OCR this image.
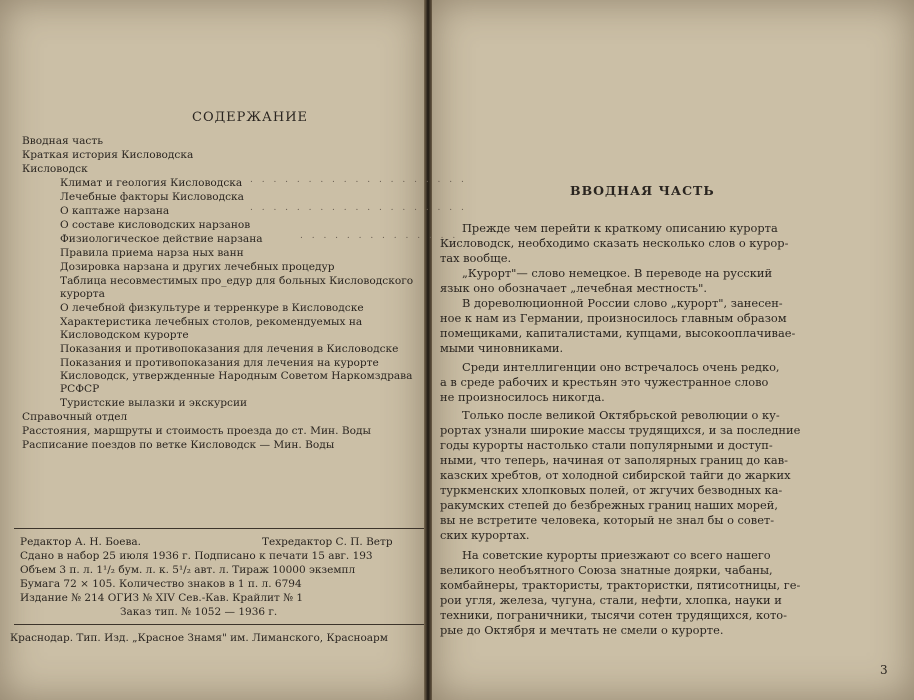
СОДЕРЖАНИЕ
Вводная часть
Краткая история Кисловодска
Кисловодск
Климат и геология Кисловодска
Лечебные факторы Кисловодска
О каптаже нарзана
О составе кисловодских нарзанов
Физиологическое действие нарзана
Правила приема нарза ных ванн
Дозировка нарзана и других лечебных процедур
Таблица несовместимых про_едур для больных Кисловодского курорта
О лечебной физкультуре и терренкуре в Кисловодске
Характеристика лечебных столов, рекомендуемых на Кисловодском курорте
Показания и противопоказания для лечения в Кисловодске
Показания и противопоказания для лечения на курорте Кисловодск, утвержденные Народным Советом Наркомздрава РСФСР
Туристские вылазки и экскурсии
Справочный отдел
Расстояния, маршруты и стоимость проезда до ст. Мин. Воды
Расписание поездов по ветке Кисловодск — Мин. Воды
. . . . . . . . . . . . . . . . . . .
. . . . . . . . . . . . . . . . . . .
. . . . . . . . . . . . . .
Редактор А. Н. Боева.	Техредактор С. П. Ветр
Сдано в набор 25 июля 1936 г. Подписано к печати 15 авг. 193
Объем 3 п. л. 1¹/₂ бум. л. к. 5¹/₂ авт. л. Тираж 10000 экземпл
Бумага 72 × 105. Количество знаков в 1 п. л. 6794
Издание № 214 ОГИЗ № XIV Сев.-Кав. Крайлит № 1
Заказ тип. № 1052 — 1936 г.
Краснодар. Тип. Изд. „Красное Знамя" им. Лиманского, Красноарм
ВВОДНАЯ ЧАСТЬ
Прежде чем перейти к краткому описанию курорта
Кисловодск, необходимо сказать несколько слов о курор-
тах вообще.
„Курорт"— слово немецкое. В переводе на русский
язык оно обозначает „лечебная местность".
В дореволюционной России слово „курорт", занесен-
ное к нам из Германии, произносилось главным образом
помещиками, капиталистами, купцами, высокооплачивае-
мыми чиновниками.
Среди интеллигенции оно встречалось очень редко,
а в среде рабочих и крестьян это чужестранное слово
не произносилось никогда.
Только после великой Октябрьской революции о ку-
рортах узнали широкие массы трудящихся, и за последние
годы курорты настолько стали популярными и доступ-
ными, что теперь, начиная от заполярных границ до кав-
казских хребтов, от холодной сибирской тайги до жарких
туркменских хлопковых полей, от жгучих безводных ка-
ракумских степей до безбрежных границ наших морей,
вы не встретите человека, который не знал бы о совет-
ских курортах.
На советские курорты приезжают со всего нашего
великого необъятного Союза знатные доярки, чабаны,
комбайнеры, трактористы, трактористки, пятисотницы, ге-
рои угля, железа, чугуна, стали, нефти, хлопка, науки и
техники, пограничники, тысячи сотен трудящихся, кото-
рые до Октября и мечтать не смели о курорте.
3
